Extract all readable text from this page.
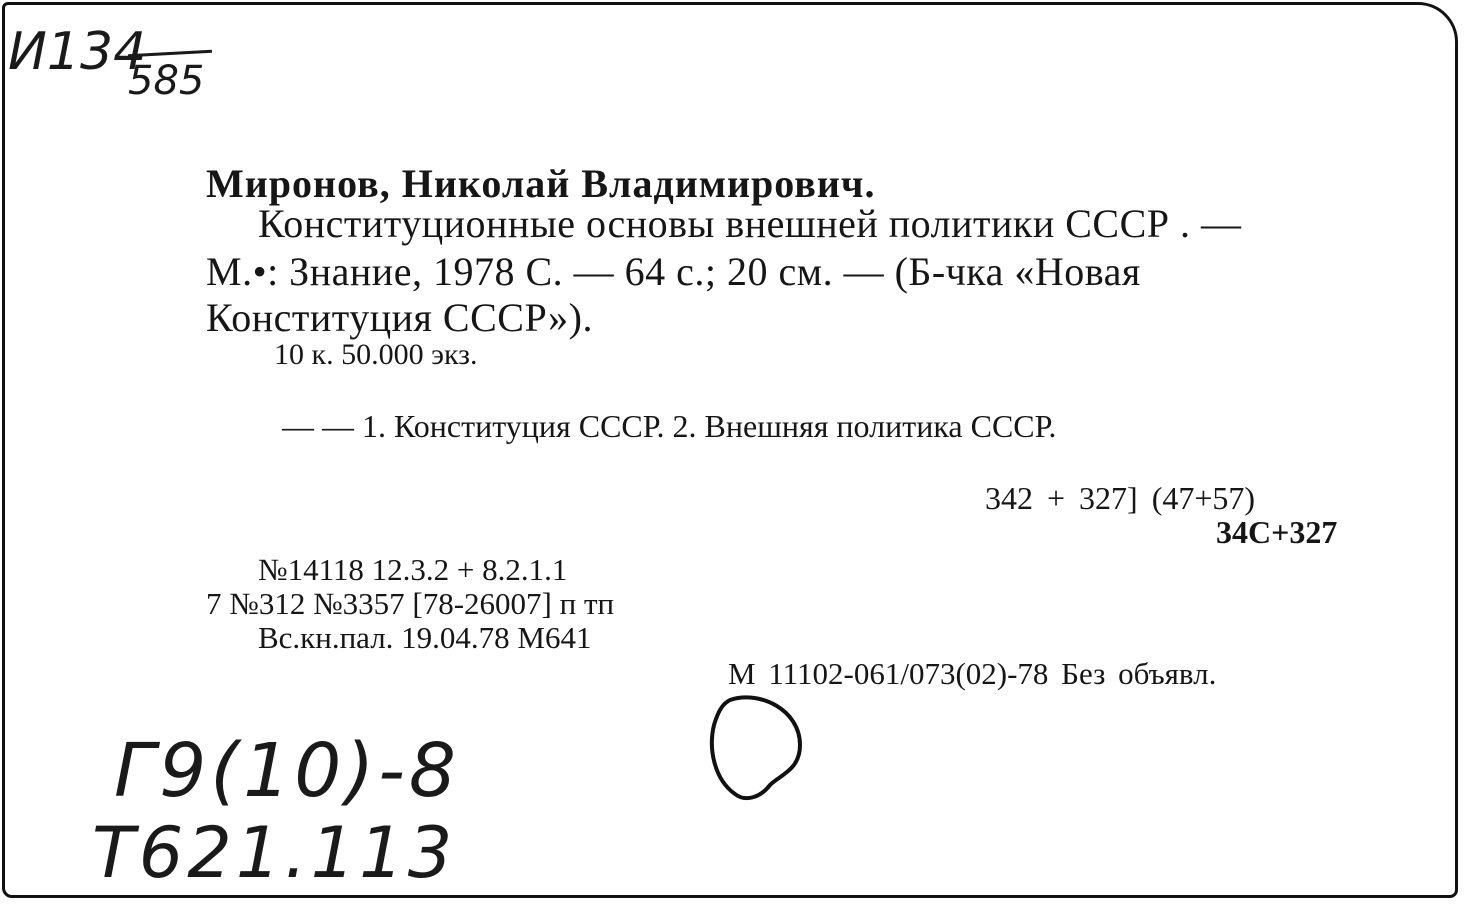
И134
585
Миронов, Николай Владимирович.
Конституционные основы внешней политики СССР . —
М.•: Знание, 1978 С. — 64 с.; 20 см. — (Б-чка «Новая
Конституция СССР»).
10 к. 50.000 экз.
— — 1. Конституция СССР. 2. Внешняя политика СССР.
342 + 327] (47+57)
34С+327
№14118 12.3.2 + 8.2.1.1
7 №312 №3357 [78-26007] п тп
Вс.кн.пал. 19.04.78 М641
М 11102-061/073(02)-78 Без объявл.
Г9(10)-8
Т621.113
